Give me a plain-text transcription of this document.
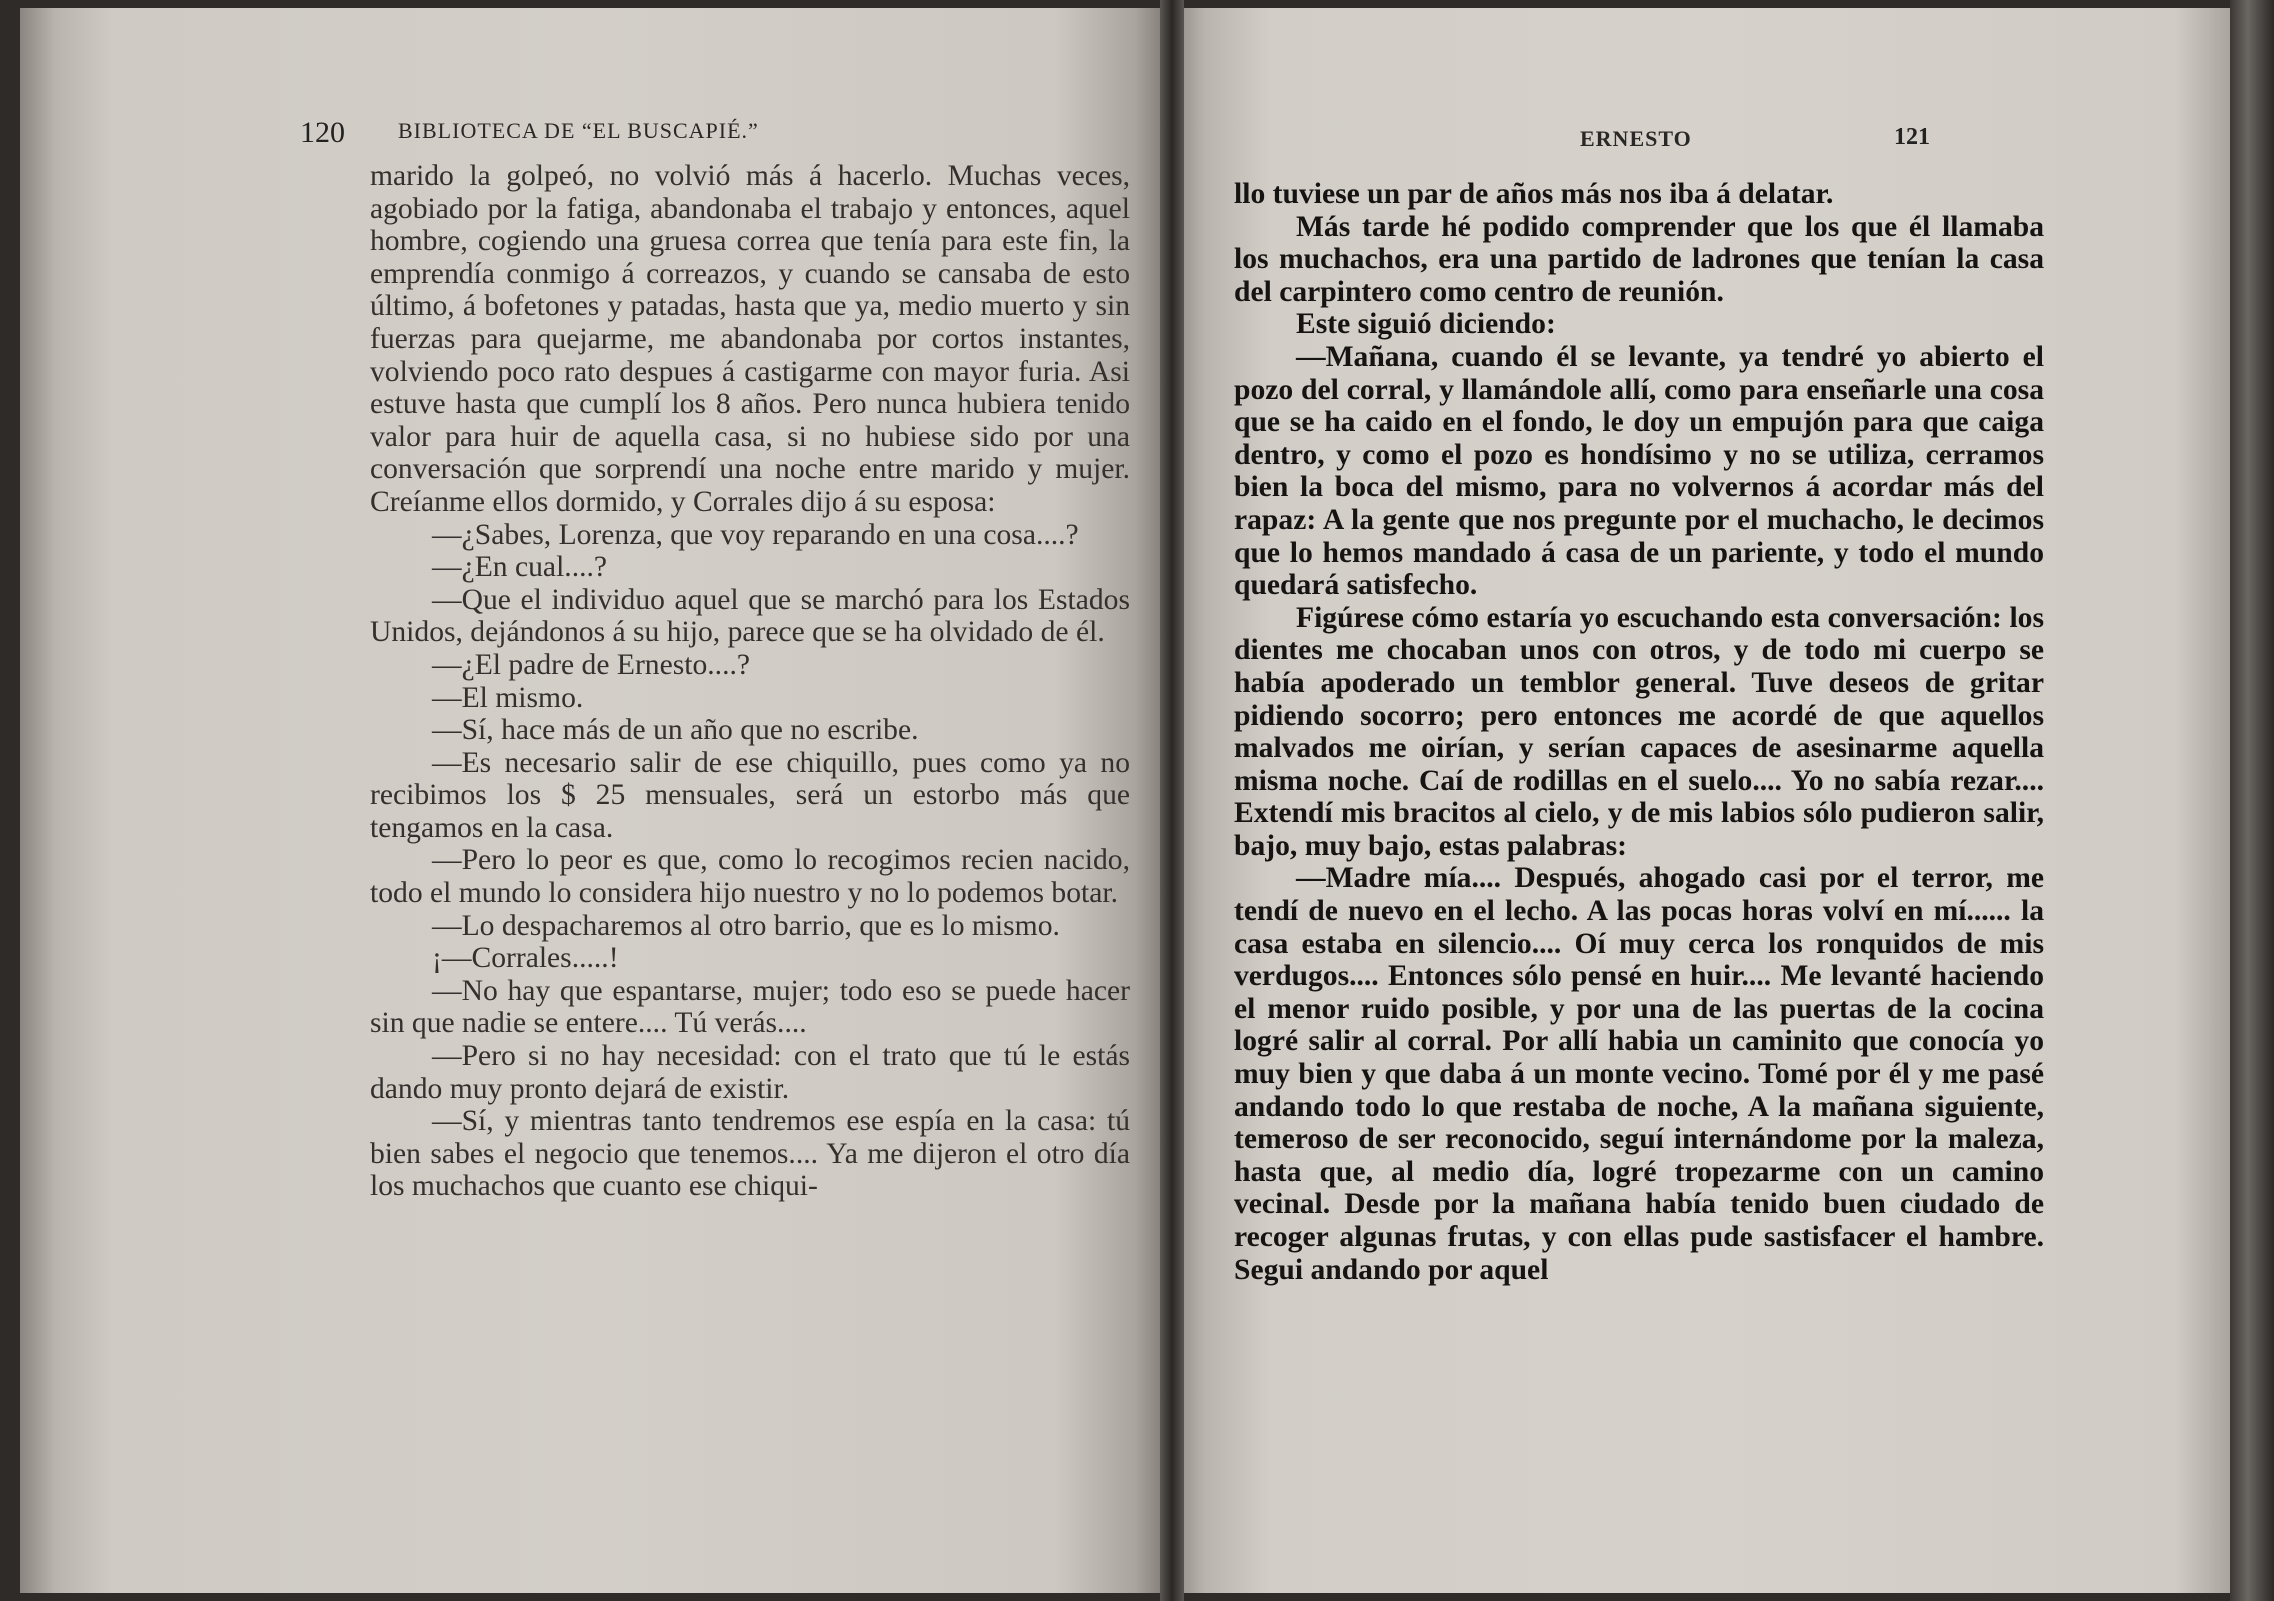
120 BIBLIOTECA DE “EL BUSCAPIÉ.”

marido la golpeó, no volvió más á hacerlo. Muchas veces, agobiado por la fatiga, abandonaba el trabajo y entonces, aquel hombre, cogiendo una gruesa correa que tenía para este fin, la emprendía conmigo á correazos, y cuando se cansaba de esto último, á bofetones y patadas, hasta que ya, medio muerto y sin fuerzas para quejarme, me abandonaba por cortos instantes, volviendo poco rato despues á castigarme con mayor furia. Asi estuve hasta que cumplí los 8 años. Pero nunca hubiera tenido valor para huir de aquella casa, si no hubiese sido por una conversación que sorprendí una noche entre marido y mujer. Creíanme ellos dormido, y Corrales dijo á su esposa:

—¿Sabes, Lorenza, que voy reparando en una cosa....?

—¿En cual....?

—Que el individuo aquel que se marchó para los Estados Unidos, dejándonos á su hijo, parece que se ha olvidado de él.

—¿El padre de Ernesto....?

—El mismo.

—Sí, hace más de un año que no escribe.

—Es necesario salir de ese chiquillo, pues como ya no recibimos los $ 25 mensuales, será un estorbo más que tengamos en la casa.

—Pero lo peor es que, como lo recogimos recien nacido, todo el mundo lo considera hijo nuestro y no lo podemos botar.

—Lo despacharemos al otro barrio, que es lo mismo.

¡—Corrales.....!

—No hay que espantarse, mujer; todo eso se puede hacer sin que nadie se entere.... Tú verás....

—Pero si no hay necesidad: con el trato que tú le estás dando muy pronto dejará de existir.

—Sí, y mientras tanto tendremos ese espía en la casa: tú bien sabes el negocio que tenemos.... Ya me dijeron el otro día los muchachos que cuanto ese chiqui-

ERNESTO	121

llo tuviese un par de años más nos iba á delatar.

Más tarde hé podido comprender que los que él llamaba los muchachos, era una partido de ladrones que tenían la casa del carpintero como centro de reunión.

Este siguió diciendo:

—Mañana, cuando él se levante, ya tendré yo abierto el pozo del corral, y llamándole allí, como para enseñarle una cosa que se ha caido en el fondo, le doy un empujón para que caiga dentro, y como el pozo es hondísimo y no se utiliza, cerramos bien la boca del mismo, para no volvernos á acordar más del rapaz: A la gente que nos pregunte por el muchacho, le decimos que lo hemos mandado á casa de un pariente, y todo el mundo quedará satisfecho.

Figúrese cómo estaría yo escuchando esta conversación: los dientes me chocaban unos con otros, y de todo mi cuerpo se había apoderado un temblor general. Tuve deseos de gritar pidiendo socorro; pero entonces me acordé de que aquellos malvados me oirían, y serían capaces de asesinarme aquella misma noche. Caí de rodillas en el suelo.... Yo no sabía rezar.... Extendí mis bracitos al cielo, y de mis labios sólo pudieron salir, bajo, muy bajo, estas palabras:

—Madre mía.... Después, ahogado casi por el terror, me tendí de nuevo en el lecho. A las pocas horas volví en mí...... la casa estaba en silencio.... Oí muy cerca los ronquidos de mis verdugos.... Entonces sólo pensé en huir.... Me levanté haciendo el menor ruido posible, y por una de las puertas de la cocina logré salir al corral. Por allí habia un caminito que conocía yo muy bien y que daba á un monte vecino. Tomé por él y me pasé andando todo lo que restaba de noche, A la mañana siguiente, temeroso de ser reconocido, seguí internándome por la maleza, hasta que, al medio día, logré tropezarme con un camino vecinal. Desde por la mañana había tenido buen ciudado de recoger algunas frutas, y con ellas pude sastisfacer el hambre. Segui andando por aquel
